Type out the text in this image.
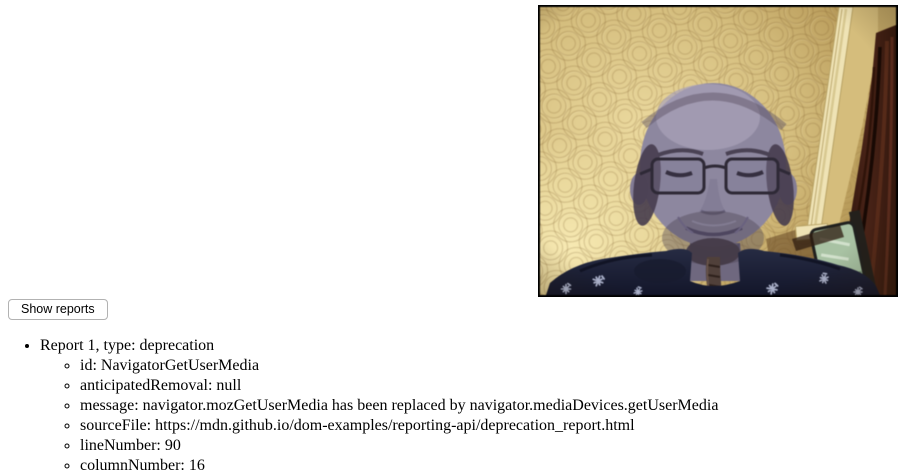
Show reports
• Report 1, type: deprecation
◦ id: NavigatorGetUserMedia
◦ anticipatedRemoval: null
◦ message: navigator.mozGetUserMedia has been replaced by navigator.mediaDevices.getUserMedia
◦ sourceFile: https://mdn.github.io/dom-examples/reporting-api/deprecation_report.html
◦ lineNumber: 90
◦ columnNumber: 16
